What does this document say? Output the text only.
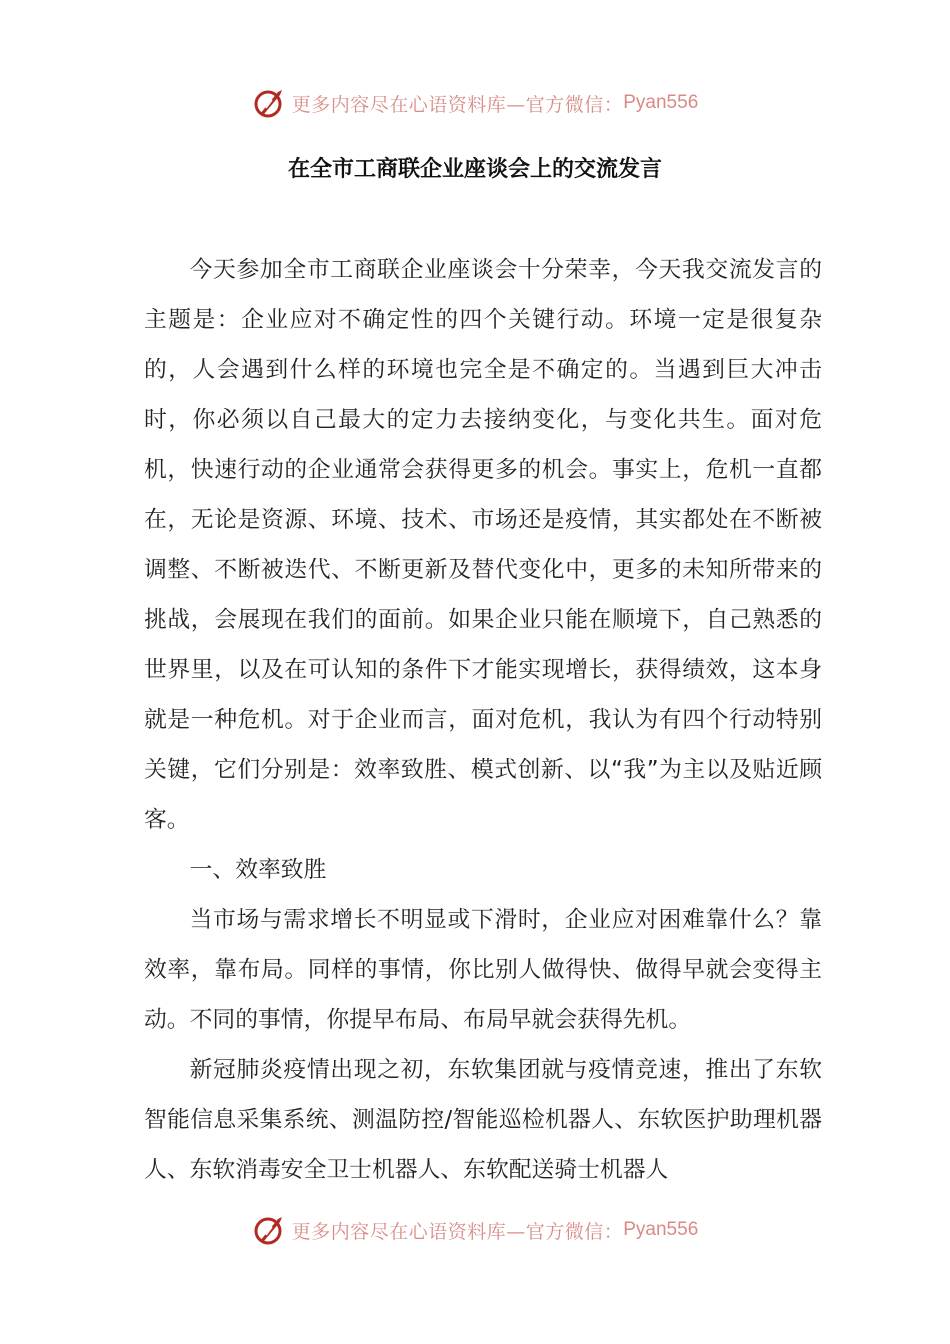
更多内容尽在心语资料库—官方微信： Pyan556
在全市工商联企业座谈会上的交流发言

今天参加全市工商联企业座谈会十分荣幸，今天我交流发言的主题是：企业应对不确定性的四个关键行动。环境一定是很复杂的，人会遇到什么样的环境也完全是不确定的。当遇到巨大冲击时，你必须以自己最大的定力去接纳变化，与变化共生。面对危机，快速行动的企业通常会获得更多的机会。事实上，危机一直都在，无论是资源、环境、技术、市场还是疫情，其实都处在不断被调整、不断被迭代、不断更新及替代变化中，更多的未知所带来的挑战，会展现在我们的面前。如果企业只能在顺境下，自己熟悉的世界里，以及在可认知的条件下才能实现增长，获得绩效，这本身就是一种危机。对于企业而言，面对危机，我认为有四个行动特别关键，它们分别是：效率致胜、模式创新、以“我”为主以及贴近顾客。

一、效率致胜

当市场与需求增长不明显或下滑时，企业应对困难靠什么？靠效率，靠布局。同样的事情，你比别人做得快、做得早就会变得主动。不同的事情，你提早布局、布局早就会获得先机。

新冠肺炎疫情出现之初，东软集团就与疫情竞速，推出了东软智能信息采集系统、测温防控/智能巡检机器人、东软医护助理机器人、东软消毒安全卫士机器人、东软配送骑士机器人

更多内容尽在心语资料库—官方微信： Pyan556
